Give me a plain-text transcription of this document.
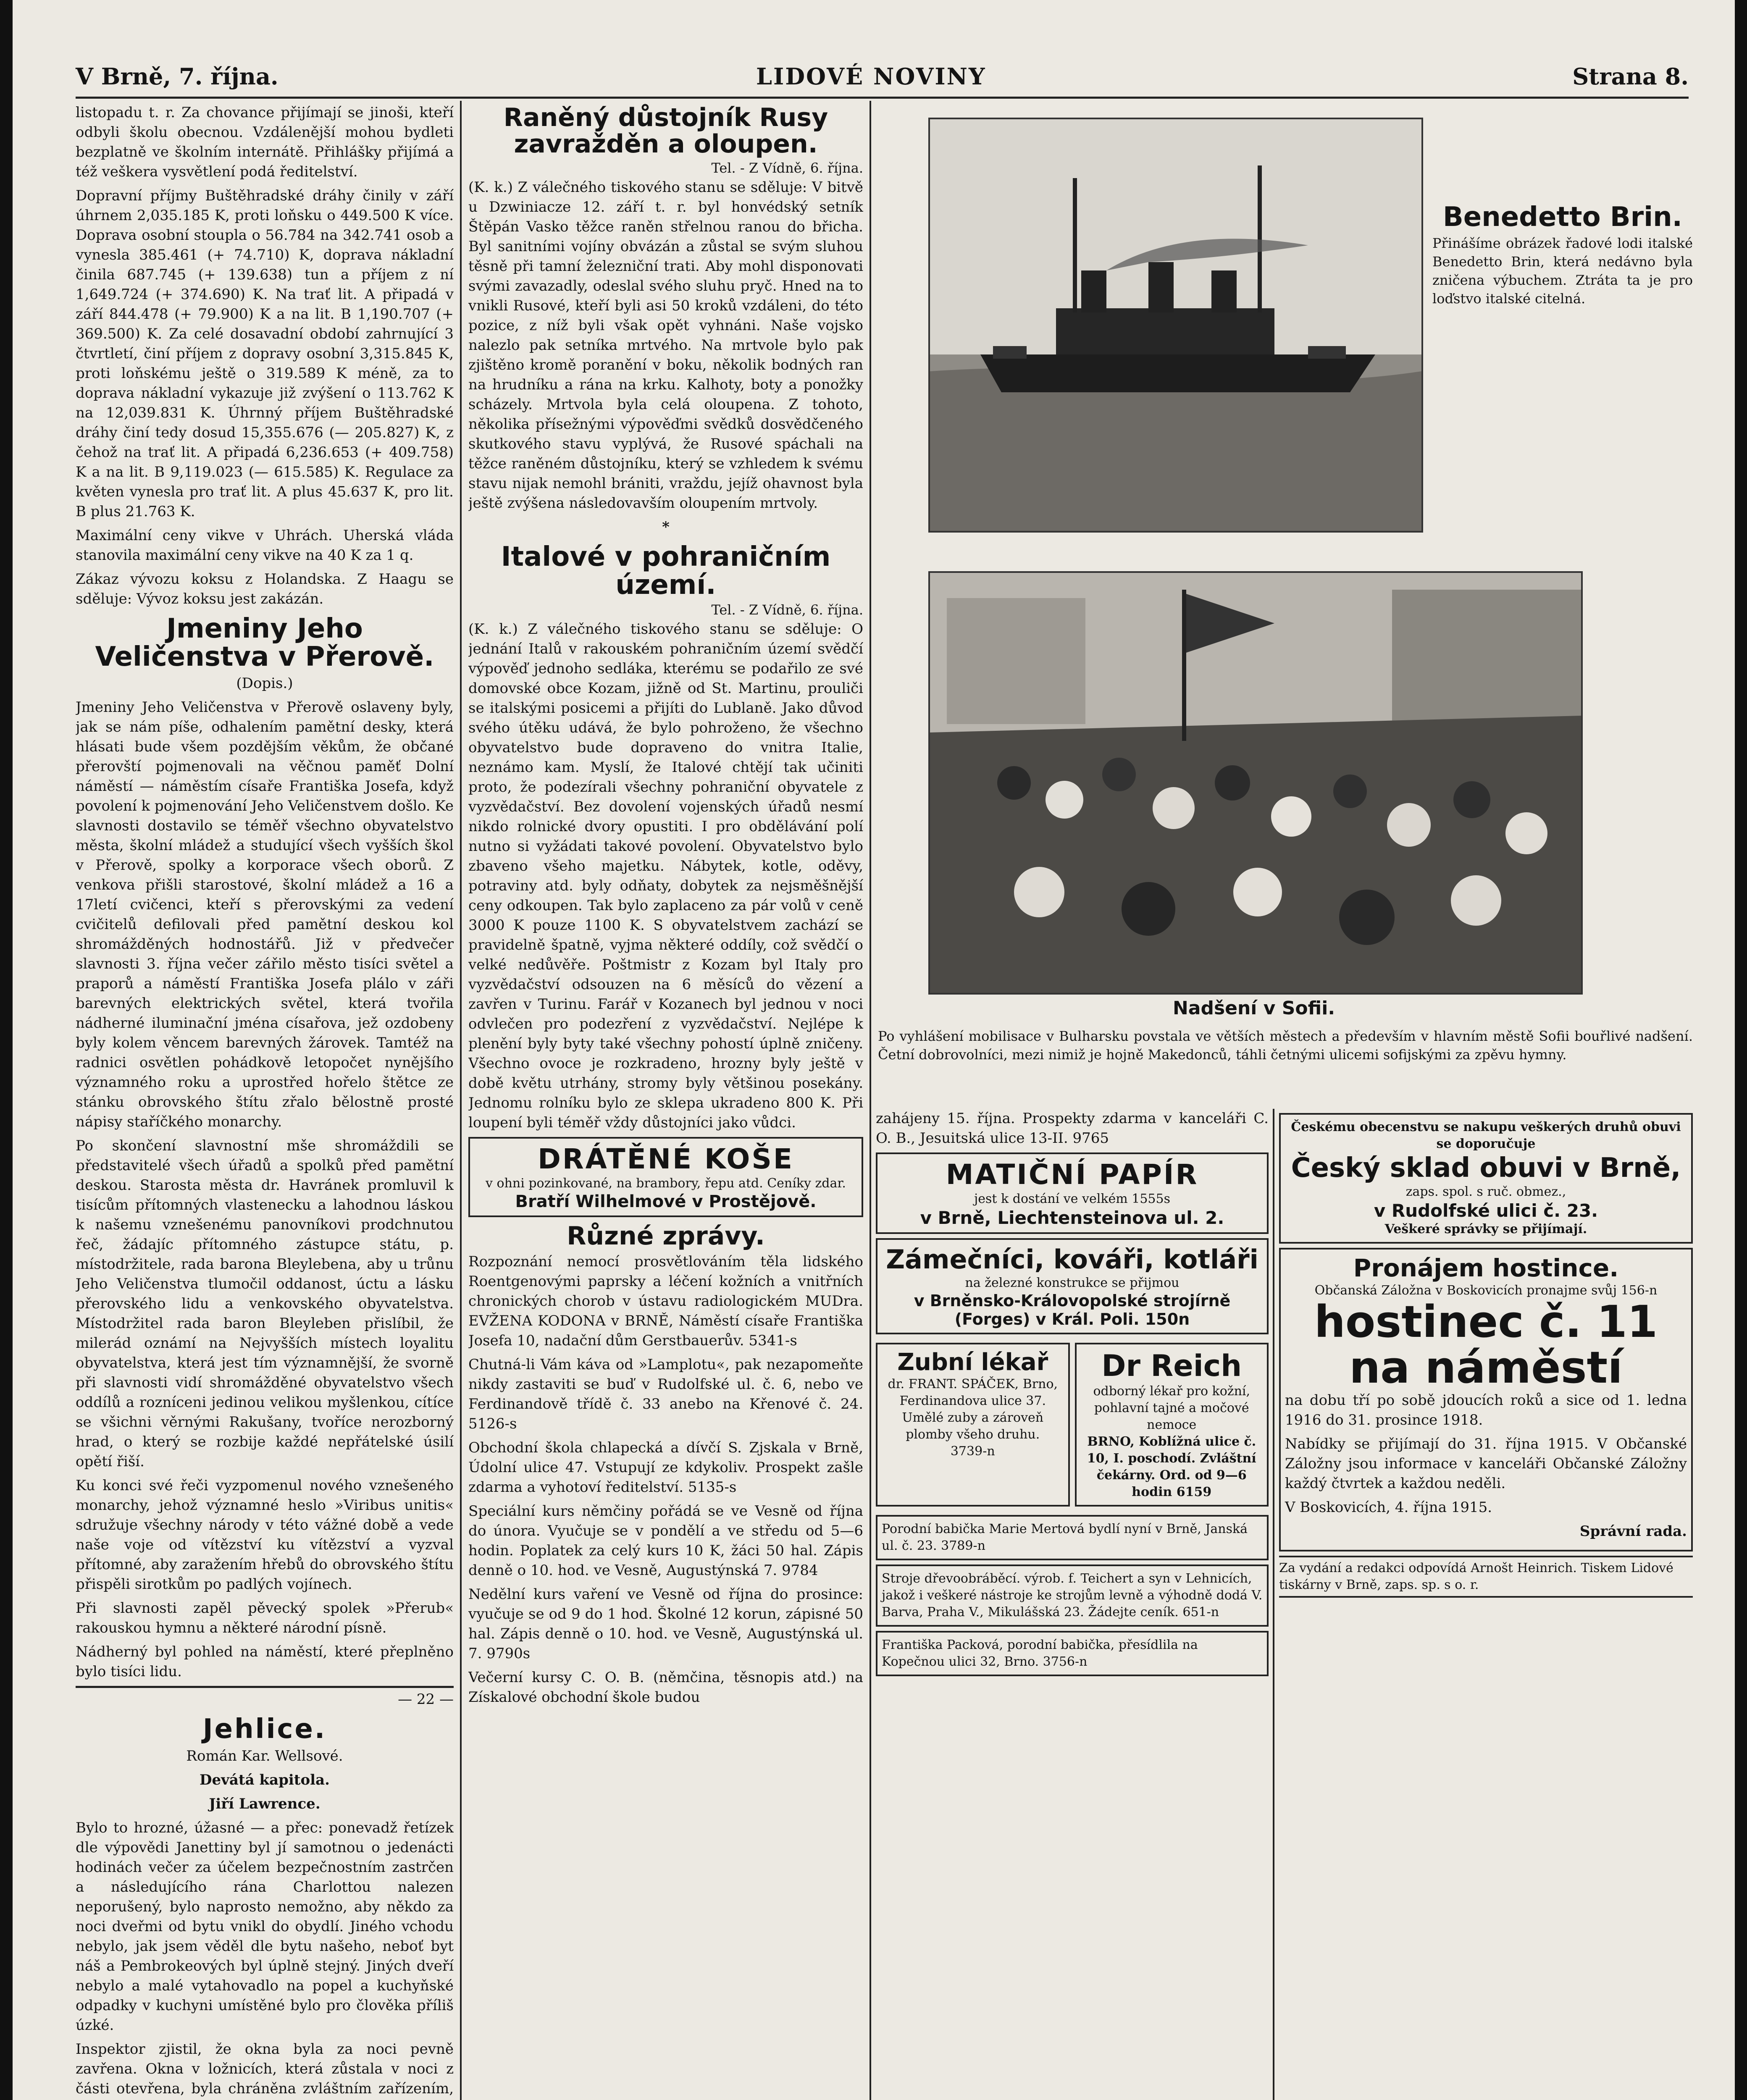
V Brně, 7. října.	LIDOVÉ NOVINY	Strana 8.

listopadu t. r. Za chovance přijímají se jinoši, kteří odbyli školu obecnou. Vzdálenější mohou bydleti bezplatně ve školním internátě. Přihlášky přijímá a též veškera vysvětlení podá ředitelství.

Dopravní příjmy Buštěhradské dráhy činily v září úhrnem 2,035.185 K, proti loňsku o 449.500 K více. Doprava osobní stoupla o 56.784 na 342.741 osob a vynesla 385.461 (+ 74.710) K, doprava nákladní činila 687.745 (+ 139.638) tun a příjem z ní 1,649.724 (+ 374.690) K. Na trať lit. A připadá v září 844.478 (+ 79.900) K a na lit. B 1,190.707 (+ 369.500) K. Za celé dosavadní období zahrnující 3 čtvrtletí, činí příjem z dopravy osobní 3,315.845 K, proti loňskému ještě o 319.589 K méně, za to doprava nákladní vykazuje již zvýšení o 113.762 K na 12,039.831 K. Úhrnný příjem Buštěhradské dráhy činí tedy dosud 15,355.676 (— 205.827) K, z čehož na trať lit. A připadá 6,236.653 (+ 409.758) K a na lit. B 9,119.023 (— 615.585) K. Regulace za květen vynesla pro trať lit. A plus 45.637 K, pro lit. B plus 21.763 K.

Maximální ceny vikve v Uhrách. Uherská vláda stanovila maximální ceny vikve na 40 K za 1 q.

Zákaz vývozu koksu z Holandska. Z Haagu se sděluje: Vývoz koksu jest zakázán.

Jmeniny Jeho Veličenstva v Přerově.

(Dopis.)

Jmeniny Jeho Veličenstva v Přerově oslaveny byly, jak se nám píše, odhalením pamětní desky, která hlásati bude všem pozdějším věkům, že občané přerovští pojmenovali na věčnou paměť Dolní náměstí — náměstím císaře Františka Josefa, když povolení k pojmenování Jeho Veličenstvem došlo. Ke slavnosti dostavilo se téměř všechno obyvatelstvo města, školní mládež a studující všech vyšších škol v Přerově, spolky a korporace všech oborů. Z venkova přišli starostové, školní mládež a 16 a 17letí cvičenci, kteří s přerovskými za vedení cvičitelů defilovali před pamětní deskou kol shromážděných hodnostářů. Již v předvečer slavnosti 3. října večer zářilo město tisíci světel a praporů a náměstí Františka Josefa plálo v záři barevných elektrických světel, která tvořila nádherné iluminační jména císařova, jež ozdobeny byly kolem věncem barevných žárovek. Tamtéž na radnici osvětlen pohádkově letopočet nynějšího významného roku a uprostřed hořelo štětce ze stánku obrovského štítu zřalo bělostně prosté nápisy staříčkého monarchy.

Po skončení slavnostní mše shromáždili se představitelé všech úřadů a spolků před pamětní deskou. Starosta města dr. Havránek promluvil k tisícům přítomných vlastenecku a lahodnou láskou k našemu vznešenému panovníkovi prodchnutou řeč, žádajíc přítomného zástupce státu, p. místodržitele, rada barona Bleylebena, aby u trůnu Jeho Veličenstva tlumočil oddanost, úctu a lásku přerovského lidu a venkovského obyvatelstva. Místodržitel rada baron Bleyleben přislíbil, že milerád oznámí na Nejvyšších místech loyalitu obyvatelstva, která jest tím významnější, že svorně při slavnosti vidí shromážděné obyvatelstvo všech oddílů a rozníceni jedinou velikou myšlenkou, cítíce se všichni věrnými Rakušany, tvoříce nerozborný hrad, o který se rozbije každé nepřátelské úsilí opětí řiší.

Ku konci své řeči vyzpomenul nového vznešeného monarchy, jehož významné heslo »Viribus unitis« sdružuje všechny národy v této vážné době a vede naše voje od vítězství ku vítězství a vyzval přítomné, aby zaražením hřebů do obrovského štítu přispěli sirotkům po padlých vojínech.

Při slavnosti zapěl pěvecký spolek »Přerub« rakouskou hymnu a některé národní písně.

Nádherný byl pohled na náměstí, které přeplněno bylo tisíci lidu.

— 22 —

Jehlice.

Román Kar. Wellsové.

Devátá kapitola.

Jiří Lawrence.

Bylo to hrozné, úžasné — a přec: ponevadž řetízek dle výpovědi Janettiny byl jí samotnou o jedenácti hodinách večer za účelem bezpečnostním zastrčen a následujícího rána Charlottou nalezen neporušený, bylo naprosto nemožno, aby někdo za noci dveřmi od bytu vnikl do obydlí. Jiného vchodu nebylo, jak jsem věděl dle bytu našeho, neboť byt náš a Pembrokeových byl úplně stejný. Jiných dveří nebylo a malé vytahovadlo na popel a kuchyňské odpadky v kuchyni umístěné bylo pro člověka příliš úzké.

Inspektor zjistil, že okna byla za noci pevně zavřena. Okna v ložnicích, která zůstala v noci z části otevřena, byla chráněna zvláštním zařízením,

Raněný důstojník Rusy zavražděn a oloupen.

Tel. - Z Vídně, 6. října.

(K. k.) Z válečného tiskového stanu se sděluje: V bitvě u Dzwiniacze 12. září t. r. byl honvédský setník Štěpán Vasko těžce raněn střelnou ranou do břicha. Byl sanitními vojíny obvázán a zůstal se svým sluhou těsně při tamní železniční trati. Aby mohl disponovati svými zavazadly, odeslal svého sluhu pryč. Hned na to vnikli Rusové, kteří byli asi 50 kroků vzdáleni, do této pozice, z níž byli však opět vyhnáni. Naše vojsko nalezlo pak setníka mrtvého. Na mrtvole bylo pak zjištěno kromě poranění v boku, několik bodných ran na hrudníku a rána na krku. Kalhoty, boty a ponožky scházely. Mrtvola byla celá oloupena. Z tohoto, několika přísežnými výpověďmi svědků dosvědčeného skutkového stavu vyplývá, že Rusové spáchali na těžce raněném důstojníku, který se vzhledem k svému stavu nijak nemohl brániti, vraždu, jejíž ohavnost byla ještě zvýšena následovavším oloupením mrtvoly.

*

Italové v pohraničním území.

Tel. - Z Vídně, 6. října.

(K. k.) Z válečného tiskového stanu se sděluje: O jednání Italů v rakouském pohraničním území svědčí výpověď jednoho sedláka, kterému se podařilo ze své domovské obce Kozam, jižně od St. Martinu, prouliči se italskými posicemi a přijíti do Lublaně. Jako důvod svého útěku udává, že bylo pohroženo, že všechno obyvatelstvo bude dopraveno do vnitra Italie, neznámo kam. Myslí, že Italové chtějí tak učiniti proto, že podezírali všechny pohraniční obyvatele z vyzvědačství. Bez dovolení vojenských úřadů nesmí nikdo rolnické dvory opustiti. I pro obdělávání polí nutno si vyžádati takové povolení. Obyvatelstvo bylo zbaveno všeho majetku. Nábytek, kotle, oděvy, potraviny atd. byly odňaty, dobytek za nejsměšnější ceny odkoupen. Tak bylo zaplaceno za pár volů v ceně 3000 K pouze 1100 K. S obyvatelstvem zachází se pravidelně špatně, vyjma některé oddíly, což svědčí o velké nedůvěře. Poštmistr z Kozam byl Italy pro vyzvědačství odsouzen na 6 měsíců do vězení a zavřen v Turinu. Farář v Kozanech byl jednou v noci odvlečen pro podezření z vyzvědačství. Nejlépe k plenění byly byty také všechny pohostí úplně zničeny. Všechno ovoce je rozkradeno, hrozny byly ještě v době květu utrhány, stromy byly většinou posekány. Jednomu rolníku bylo ze sklepa ukradeno 800 K. Při loupení byli téměř vždy důstojníci jako vůdci.

DRÁTĚNÉ KOŠE
v ohni pozinkované, na brambory, řepu atd. Ceníky zdar.
Bratří Wilhelmové v Prostějově.
Různé zprávy.

Rozpoznání nemocí prosvětlováním těla lidského Roentgenovými paprsky a léčení kožních a vnitřních chronických chorob v ústavu radiologickém MUDra. EVŽENA KODONA v BRNĚ, Náměstí císaře Františka Josefa 10, nadační dům Gerstbauerův. 5341-s

Chutná-li Vám káva od »Lamplotu«, pak nezapomeňte nikdy zastaviti se buď v Rudolfské ul. č. 6, nebo ve Ferdinandově třídě č. 33 anebo na Křenové č. 24. 5126-s

Obchodní škola chlapecká a dívčí S. Zjskala v Brně, Údolní ulice 47. Vstupují ze kdykoliv. Prospekt zašle zdarma a vyhotoví ředitelství. 5135-s

Speciální kurs němčiny pořádá se ve Vesně od října do února. Vyučuje se v pondělí a ve středu od 5—6 hodin. Poplatek za celý kurs 10 K, žáci 50 hal. Zápis denně o 10. hod. ve Vesně, Augustýnská 7. 9784

Nedělní kurs vaření ve Vesně od října do prosince: vyučuje se od 9 do 1 hod. Školné 12 korun, zápisné 50 hal. Zápis denně o 10. hod. ve Vesně, Augustýnská ul. 7. 9790s

Večerní kursy C. O. B. (němčina, těsnopis atd.) na Získalové obchodní škole budou

Benedetto Brin.

Přinášíme obrázek řadové lodi italské Benedetto Brin, která nedávno byla zničena výbuchem. Ztráta ta je pro loďstvo italské citelná.

Nadšení v Sofii.

Po vyhlášení mobilisace v Bulharsku povstala ve větších městech a především v hlavním městě Sofii bouřlivé nadšení. Četní dobrovolníci, mezi nimiž je hojně Makedonců, táhli četnými ulicemi sofijskými za zpěvu hymny.

zahájeny 15. října. Prospekty zdarma v kanceláři C. O. B., Jesuitská ulice 13-II. 9765

MATIČNÍ PAPÍR
jest k dostání ve velkém 1555s
v Brně, Liechtensteinova ul. 2.
Zámečníci, kováři, kotláři
na železné konstrukce se přijmou
v Brněnsko-Královopolské strojírně (Forges) v Král. Poli. 150n
Zubní lékař
dr. FRANT. SPÁČEK, Brno, Ferdinandova ulice 37. Umělé zuby a zároveň plomby všeho druhu.
3739-n
Dr Reich
odborný lékař pro kožní, pohlavní tajné a močové nemoce
BRNO, Koblížná ulice č. 10, I. poschodí. Zvláštní čekárny. Ord. od 9—6 hodin 6159
Porodní babička Marie Mertová bydlí nyní v Brně, Janská ul. č. 23. 3789-n
Stroje dřevoobráběcí. výrob. f. Teichert a syn v Lehnicích, jakož i veškeré nástroje ke strojům levně a výhodně dodá V. Barva, Praha V., Mikulášská 23. Žádejte ceník. 651-n
Františka Packová, porodní babička, přesídlila na Kopečnou ulici 32, Brno. 3756-n

Českému obecenstvu se nakupu veškerých druhů obuvi se doporučuje
Český sklad obuvi v Brně,
zaps. spol. s ruč. obmez.,
v Rudolfské ulici č. 23.
Veškeré správky se přijímají.
Pronájem hostince.
Občanská Záložna v Boskovicích pronajme svůj 156-n
hostinec č. 11 na náměstí

na dobu tří po sobě jdoucích roků a sice od 1. ledna 1916 do 31. prosince 1918.

Nabídky se přijímají do 31. října 1915. V Občanské Záložny jsou informace v kanceláři Občanské Záložny každý čtvrtek a každou neděli.

V Boskovicích, 4. října 1915.

Správní rada.

Za vydání a redakci odpovídá Arnošt Heinrich. Tiskem Lidové tiskárny v Brně, zaps. sp. s o. r.
